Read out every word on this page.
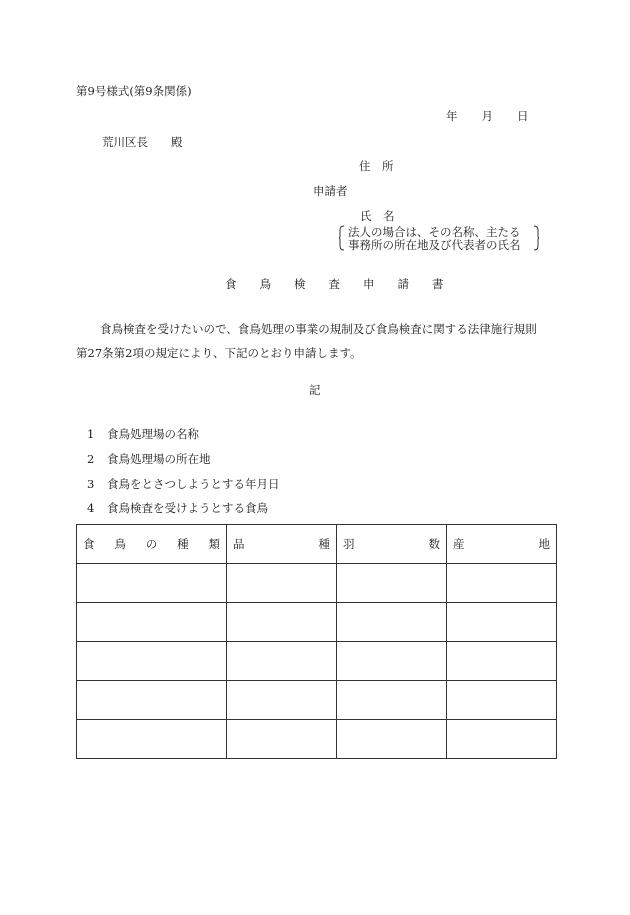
第9号様式(第9条関係)
年 月 日
荒川区長　　殿
住　所
申請者
氏　名
法人の場合は、その名称、主たる
事務所の所在地及び代表者の氏名
食　　鳥　　検　　査　　申　　請　　書
食鳥検査を受けたいので、食鳥処理の事業の規制及び食鳥検査に関する法律施行規則
第27条第2項の規定により、下記のとおり申請します。
記
1 食鳥処理場の名称
2 食鳥処理場の所在地
3 食鳥をとさつしようとする年月日
4 食鳥検査を受けようとする食鳥
食 鳥 の 種 類	品 種	羽 数	産 地
